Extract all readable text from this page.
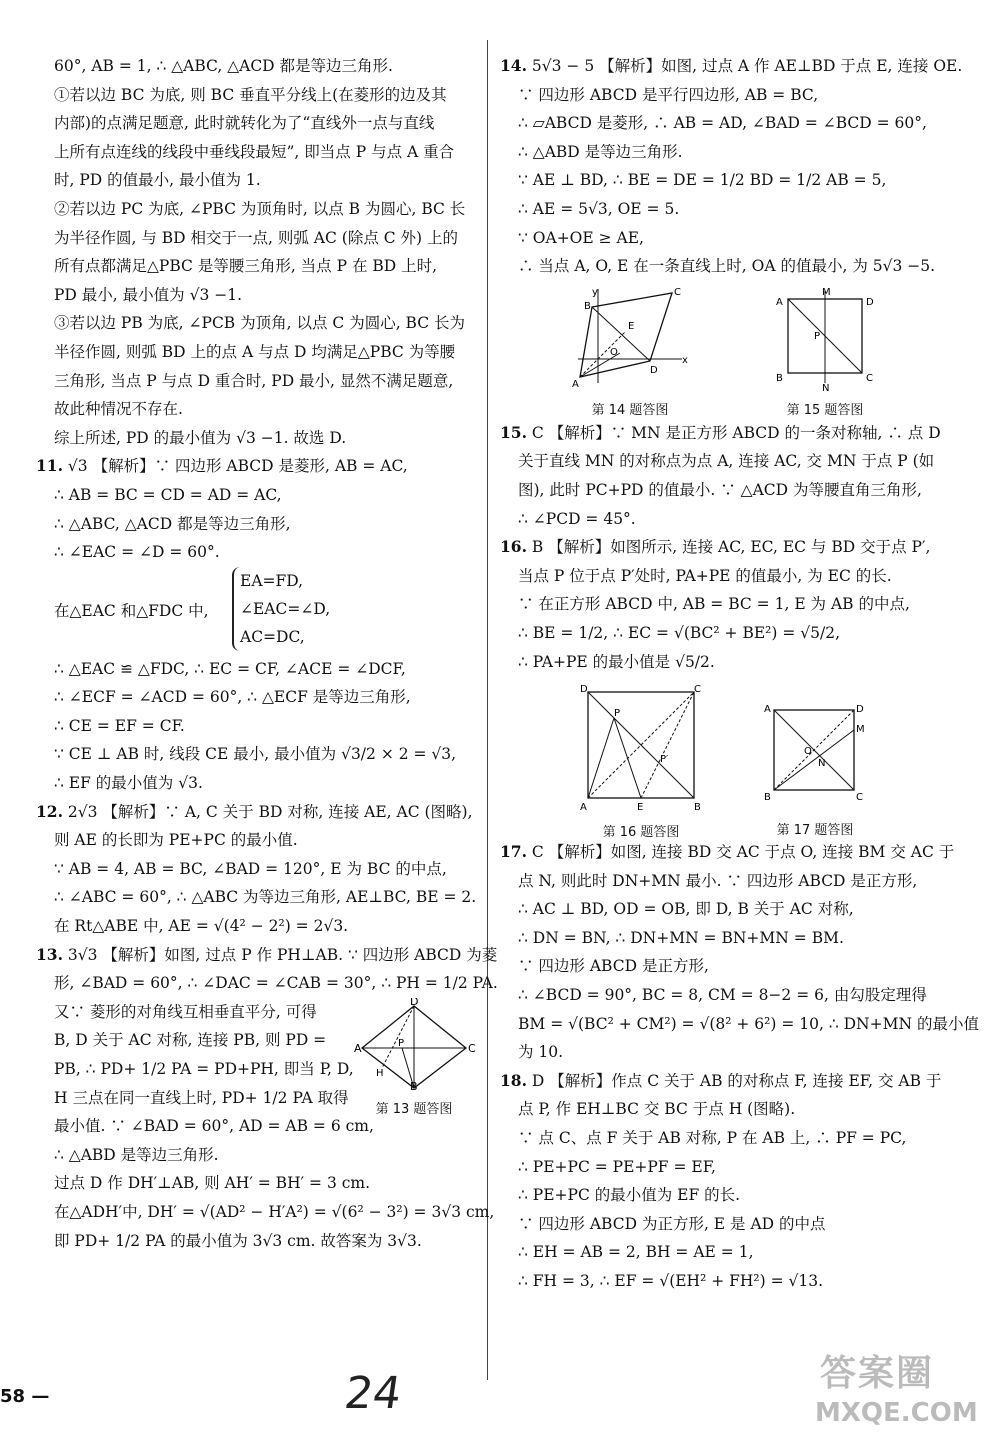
60°, AB = 1, ∴ △ABC, △ACD 都是等边三角形.
①若以边 BC 为底, 则 BC 垂直平分线上(在菱形的边及其
内部)的点满足题意, 此时就转化为了“直线外一点与直线
上所有点连线的线段中垂线段最短”, 即当点 P 与点 A 重合
时, PD 的值最小, 最小值为 1.
②若以边 PC 为底, ∠PBC 为顶角时, 以点 B 为圆心, BC 长
为半径作圆, 与 BD 相交于一点, 则弧 AC (除点 C 外) 上的
所有点都满足△PBC 是等腰三角形, 当点 P 在 BD 上时,
PD 最小, 最小值为 √3 −1.
③若以边 PB 为底, ∠PCB 为顶角, 以点 C 为圆心, BC 长为
半径作圆, 则弧 BD 上的点 A 与点 D 均满足△PBC 为等腰
三角形, 当点 P 与点 D 重合时, PD 最小, 显然不满足题意,
故此种情况不存在.
综上所述, PD 的最小值为 √3 −1. 故选 D.
11. √3 【解析】∵ 四边形 ABCD 是菱形, AB = AC,
∴ AB = BC = CD = AD = AC,
∴ △ABC, △ACD 都是等边三角形,
∴ ∠EAC = ∠D = 60°.
在△EAC 和△FDC 中,
EA=FD,
∠EAC=∠D,
AC=DC,
∴ △EAC ≌ △FDC, ∴ EC = CF, ∠ACE = ∠DCF,
∴ ∠ECF = ∠ACD = 60°, ∴ △ECF 是等边三角形,
∴ CE = EF = CF.
∵ CE ⊥ AB 时, 线段 CE 最小, 最小值为 √3/2 × 2 = √3,
∴ EF 的最小值为 √3.
12. 2√3 【解析】∵ A, C 关于 BD 对称, 连接 AE, AC (图略),
则 AE 的长即为 PE+PC 的最小值.
∵ AB = 4, AB = BC, ∠BAD = 120°, E 为 BC 的中点,
∴ ∠ABC = 60°, ∴ △ABC 为等边三角形, AE⊥BC, BE = 2.
在 Rt△ABE 中, AE = √(4² − 2²) = 2√3.
13. 3√3 【解析】如图, 过点 P 作 PH⊥AB. ∵ 四边形 ABCD 为菱
形, ∠BAD = 60°, ∴ ∠DAC = ∠CAB = 30°, ∴ PH = 1/2 PA.
又∵ 菱形的对角线互相垂直平分, 可得
B, D 关于 AC 对称, 连接 PB, 则 PD =
PB, ∴ PD+ 1/2 PA = PD+PH, 即当 P, D,
H 三点在同一直线上时, PD+ 1/2 PA 取得
A
D
C
B
P
H
第 13 题答图
最小值. ∵ ∠BAD = 60°, AD = AB = 6 cm,
∴ △ABD 是等边三角形.
过点 D 作 DH′⊥AB, 则 AH′ = BH′ = 3 cm.
在△ADH′中, DH′ = √(AD² − H′A²) = √(6² − 3²) = 3√3 cm,
即 PD+ 1/2 PA 的最小值为 3√3 cm. 故答案为 3√3.
14. 5√3 − 5 【解析】如图, 过点 A 作 AE⊥BD 于点 E, 连接 OE.
∵ 四边形 ABCD 是平行四边形, AB = BC,
∴ ▱ABCD 是菱形, ∴ AB = AD, ∠BAD = ∠BCD = 60°,
∴ △ABD 是等边三角形.
∵ AE ⊥ BD, ∴ BE = DE = 1/2 BD = 1/2 AB = 5,
∴ AE = 5√3, OE = 5.
∵ OA+OE ≥ AE,
∴ 当点 A, O, E 在一条直线上时, OA 的值最小, 为 5√3 −5.
y
x
B
C
D
A
E
O
第 14 题答图
A	D
B	C
M
N
P
第 15 题答图
15. C 【解析】∵ MN 是正方形 ABCD 的一条对称轴, ∴ 点 D
关于直线 MN 的对称点为点 A, 连接 AC, 交 MN 于点 P (如
图), 此时 PC+PD 的值最小. ∵ △ACD 为等腰直角三角形,
∴ ∠PCD = 45°.
16. B 【解析】如图所示, 连接 AC, EC, EC 与 BD 交于点 P′,
当点 P 位于点 P′处时, PA+PE 的值最小, 为 EC 的长.
∵ 在正方形 ABCD 中, AB = BC = 1, E 为 AB 的中点,
∴ BE = 1/2, ∴ EC = √(BC² + BE²) = √5/2,
∴ PA+PE 的最小值是 √5/2.
D	C
A	B
E
P
P′
第 16 题答图
A	D
B	C
M
O
N
第 17 题答图
17. C 【解析】如图, 连接 BD 交 AC 于点 O, 连接 BM 交 AC 于
点 N, 则此时 DN+MN 最小. ∵ 四边形 ABCD 是正方形,
∴ AC ⊥ BD, OD = OB, 即 D, B 关于 AC 对称,
∴ DN = BN, ∴ DN+MN = BN+MN = BM.
∵ 四边形 ABCD 是正方形,
∴ ∠BCD = 90°, BC = 8, CM = 8−2 = 6, 由勾股定理得
BM = √(BC² + CM²) = √(8² + 6²) = 10, ∴ DN+MN 的最小值
为 10.
18. D 【解析】作点 C 关于 AB 的对称点 F, 连接 EF, 交 AB 于
点 P, 作 EH⊥BC 交 BC 于点 H (图略).
∵ 点 C、点 F 关于 AB 对称, P 在 AB 上, ∴ PF = PC,
∴ PE+PC = PE+PF = EF,
∴ PE+PC 的最小值为 EF 的长.
∵ 四边形 ABCD 为正方形, E 是 AD 的中点
∴ EH = AB = 2, BH = AE = 1,
∴ FH = 3, ∴ EF = √(EH² + FH²) = √13.
58 —	24	答案圈
MXQE.COM
